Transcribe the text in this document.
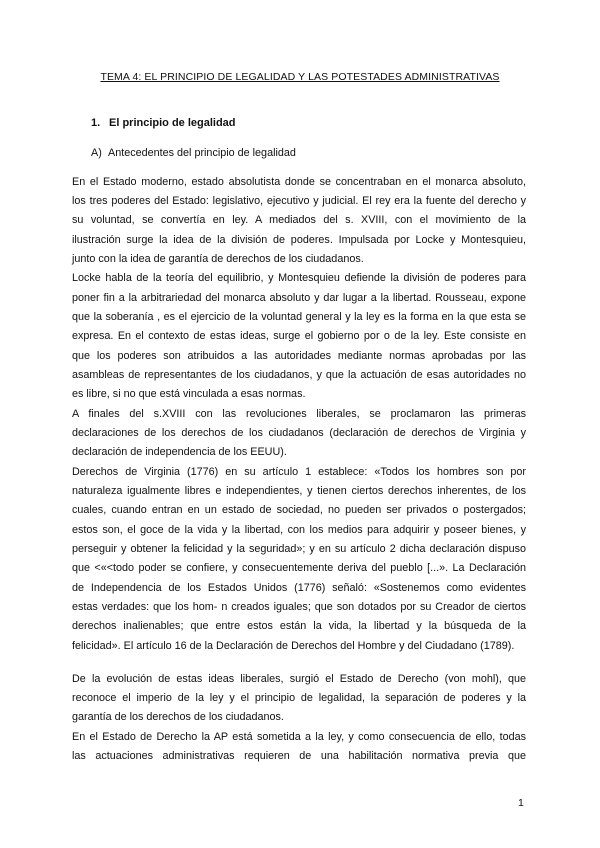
TEMA 4: EL PRINCIPIO DE LEGALIDAD Y LAS POTESTADES ADMINISTRATIVAS
1. El principio de legalidad
A) Antecedentes del principio de legalidad
En el Estado moderno, estado absolutista donde se concentraban en el monarca absoluto,
los tres poderes del Estado: legislativo, ejecutivo y judicial. El rey era la fuente del derecho y
su voluntad, se convertía en ley. A mediados del s. XVIII, con el movimiento de la
ilustración surge la idea de la división de poderes. Impulsada por Locke y Montesquieu,
junto con la idea de garantía de derechos de los ciudadanos.
Locke habla de la teoría del equilibrio, y Montesquieu defiende la división de poderes para
poner fin a la arbitrariedad del monarca absoluto y dar lugar a la libertad. Rousseau, expone
que la soberanía , es el ejercicio de la voluntad general y la ley es la forma en la que esta se
expresa. En el contexto de estas ideas, surge el gobierno por o de la ley. Este consiste en
que los poderes son atribuidos a las autoridades mediante normas aprobadas por las
asambleas de representantes de los ciudadanos, y que la actuación de esas autoridades no
es libre, si no que está vinculada a esas normas.
A finales del s.XVIII con las revoluciones liberales, se proclamaron las primeras
declaraciones de los derechos de los ciudadanos (declaración de derechos de Virginia y
declaración de independencia de los EEUU).
Derechos de Virginia (1776) en su artículo 1 establece: «Todos los hombres son por
naturaleza igualmente libres e independientes, y tienen ciertos derechos inherentes, de los
cuales, cuando entran en un estado de sociedad, no pueden ser privados o postergados;
estos son, el goce de la vida y la libertad, con los medios para adquirir y poseer bienes, y
perseguir y obtener la felicidad y la seguridad»; y en su artículo 2 dicha declaración dispuso
que <«<todo poder se confiere, y consecuentemente deriva del pueblo [...». La Declaración
de Independencia de los Estados Unidos (1776) señaló: «Sostenemos como evidentes
estas verdades: que los hom- n creados iguales; que son dotados por su Creador de ciertos
derechos inalienables; que entre estos están la vida, la libertad y la búsqueda de la
felicidad». El artículo 16 de la Declaración de Derechos del Hombre y del Ciudadano (1789).
De la evolución de estas ideas liberales, surgió el Estado de Derecho (von mohl), que
reconoce el imperio de la ley y el principio de legalidad, la separación de poderes y la
garantía de los derechos de los ciudadanos.
En el Estado de Derecho la AP está sometida a la ley, y como consecuencia de ello, todas
las actuaciones administrativas requieren de una habilitación normativa previa que
1
